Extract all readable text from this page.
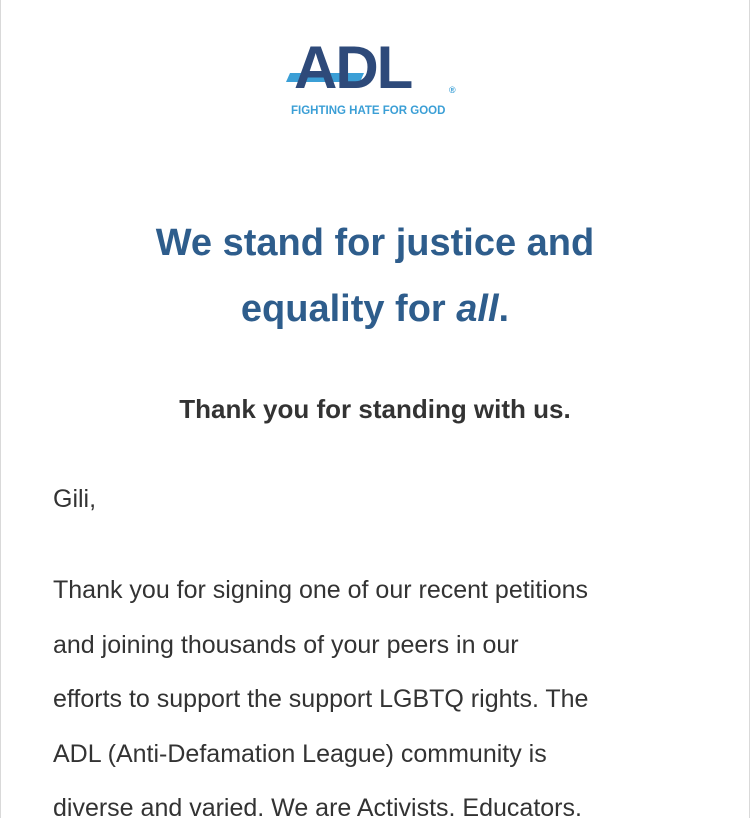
ADL	®
FIGHTING HATE FOR GOOD
We stand for justice and
equality for all.
Thank you for standing with us.
Gili,
Thank you for signing one of our recent petitions
and joining thousands of your peers in our
efforts to support the support LGBTQ rights. The
ADL (Anti-Defamation League) community is
diverse and varied. We are Activists. Educators.
